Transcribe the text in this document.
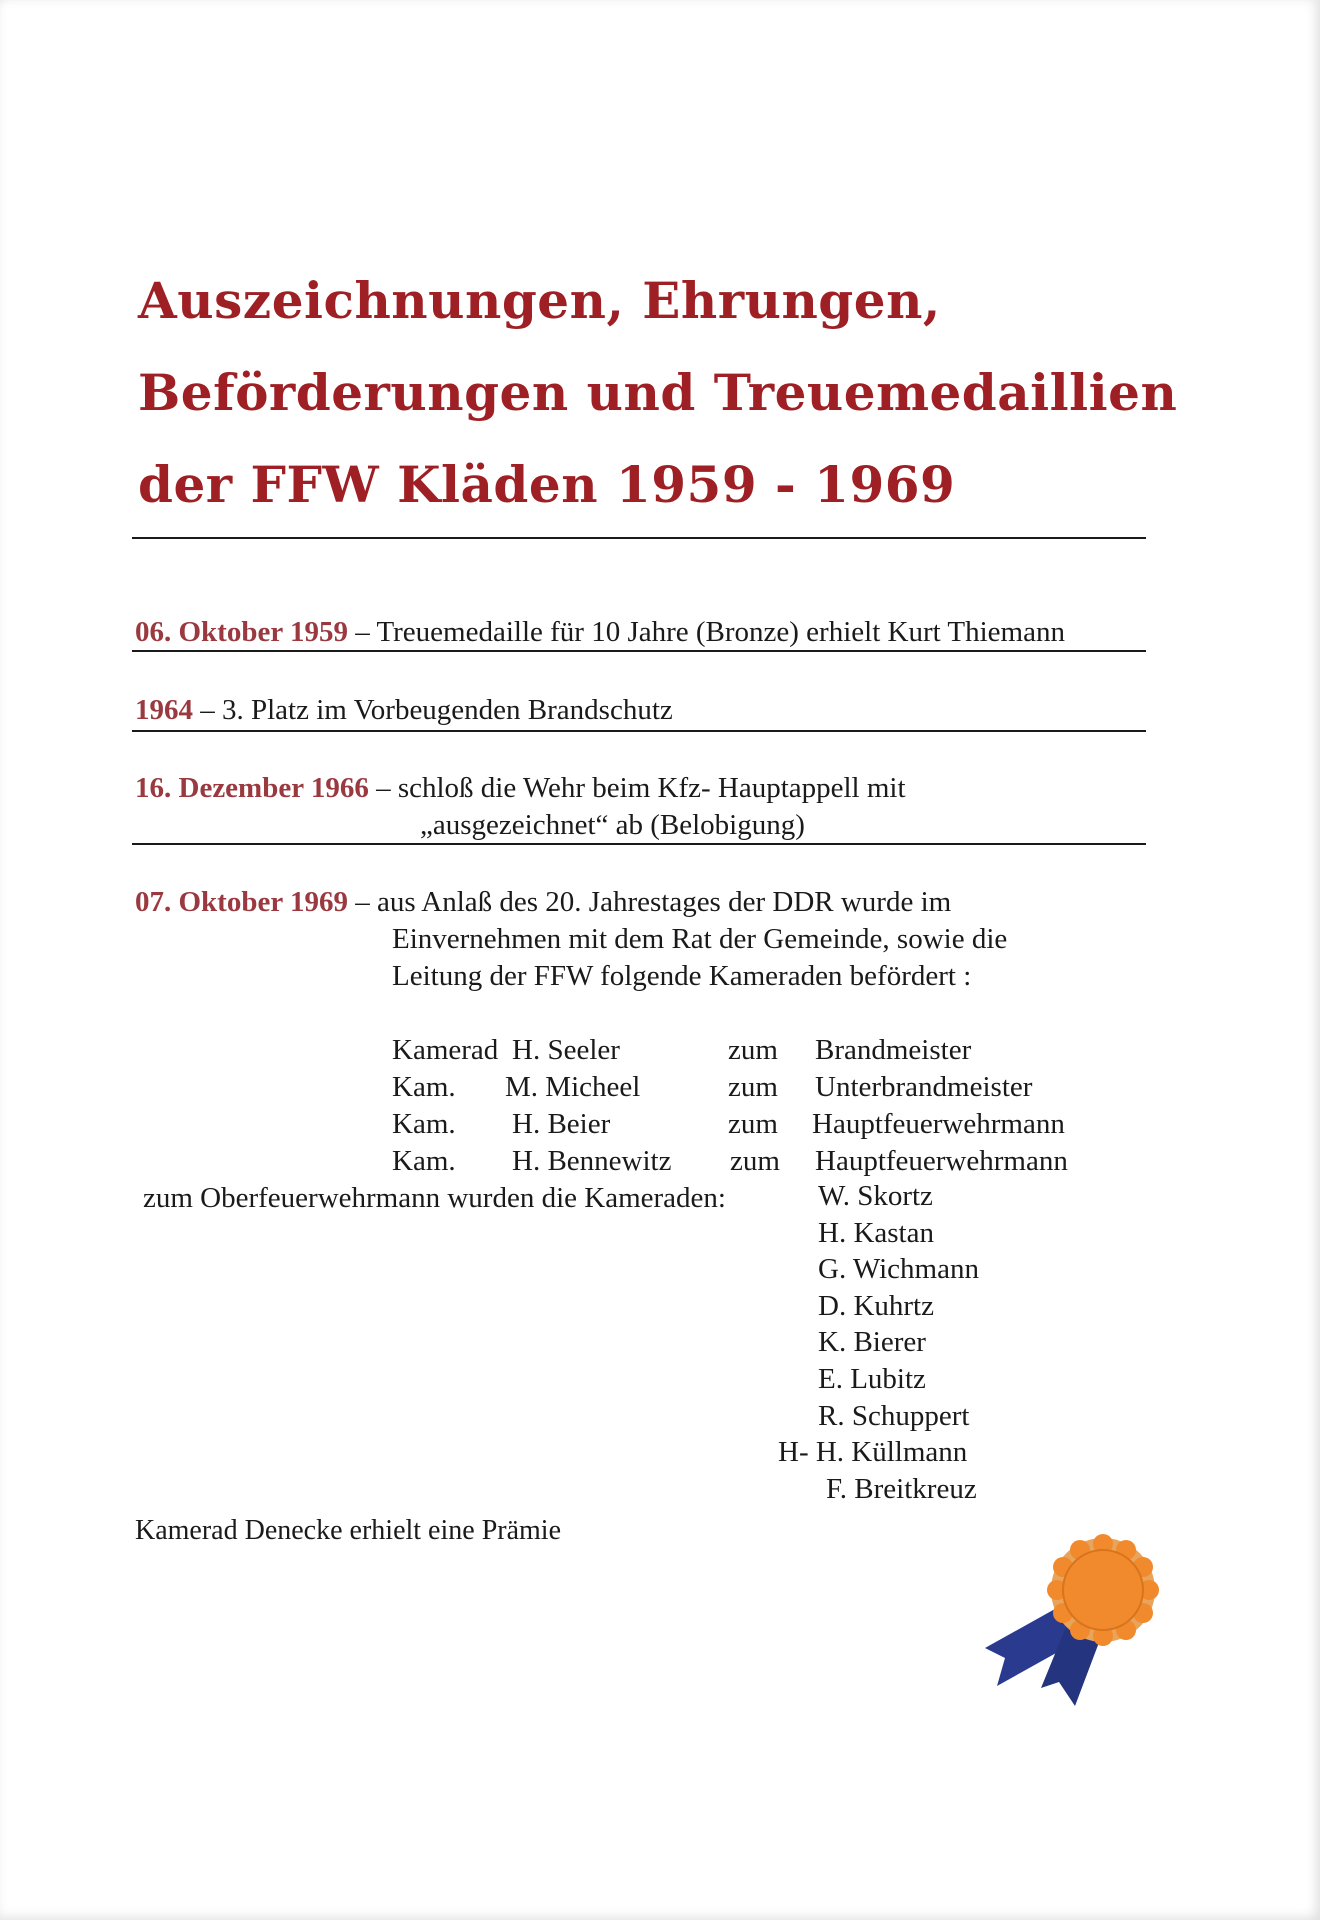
Auszeichnungen, Ehrungen,
Beförderungen und Treuemedaillien
der FFW Kläden 1959 - 1969
06. Oktober 1959 – Treuemedaille für 10 Jahre (Bronze) erhielt Kurt Thiemann
1964 – 3. Platz im Vorbeugenden Brandschutz
16. Dezember 1966 – schloß die Wehr beim Kfz- Hauptappell mit
„ausgezeichnet“ ab (Belobigung)
07. Oktober 1969 – aus Anlaß des 20. Jahrestages der DDR wurde im
Einvernehmen mit dem Rat der Gemeinde, sowie die
Leitung der FFW folgende Kameraden befördert :
Kamerad H. Seeler	zum Brandmeister
Kam. M. Micheel	zum Unterbrandmeister
Kam. H. Beier	zum Hauptfeuerwehrmann
Kam. H. Bennewitz zum Hauptfeuerwehrmann
zum Oberfeuerwehrmann wurden die Kameraden:	W. Skortz
H. Kastan
G. Wichmann
D. Kuhrtz
K. Bierer
E. Lubitz
R. Schuppert
H- H. Küllmann
F. Breitkreuz
Kamerad Denecke erhielt eine Prämie
